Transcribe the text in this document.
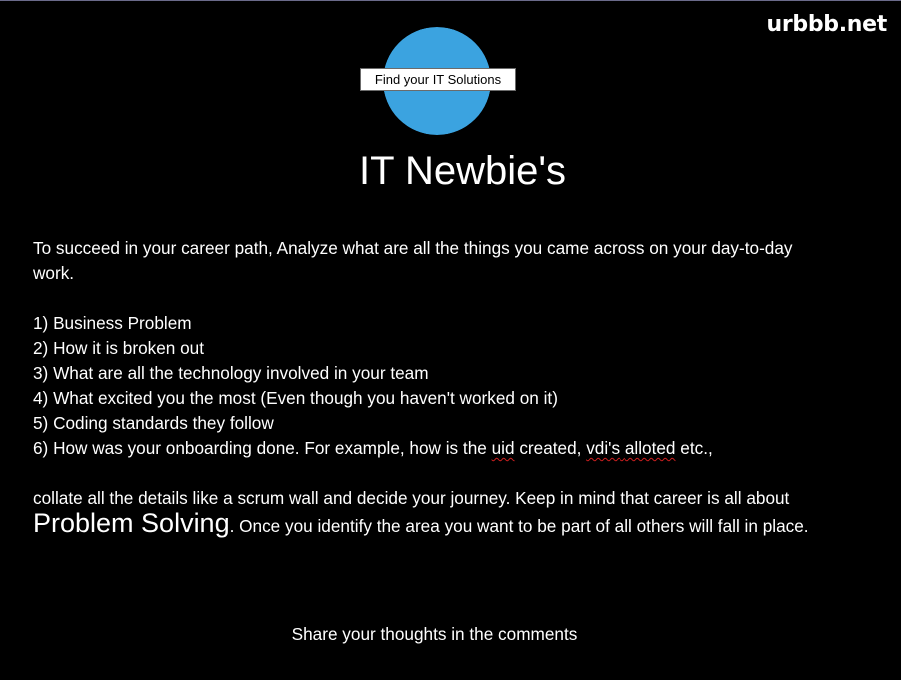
urbbb.net
Find your IT Solutions
IT Newbie's

To succeed in your career path, Analyze what are all the things you came across on your day-to-day work.

1) Business Problem
2) How it is broken out
3) What are all the technology involved in your team
4) What excited you the most (Even though you haven't worked on it)
5) Coding standards they follow
6) How was your onboarding done. For example, how is the uid created, vdi's alloted etc.,

collate all the details like a scrum wall and decide your journey. Keep in mind that career is all about Problem Solving. Once you identify the area you want to be part of all others will fall in place.

Share your thoughts in the comments
